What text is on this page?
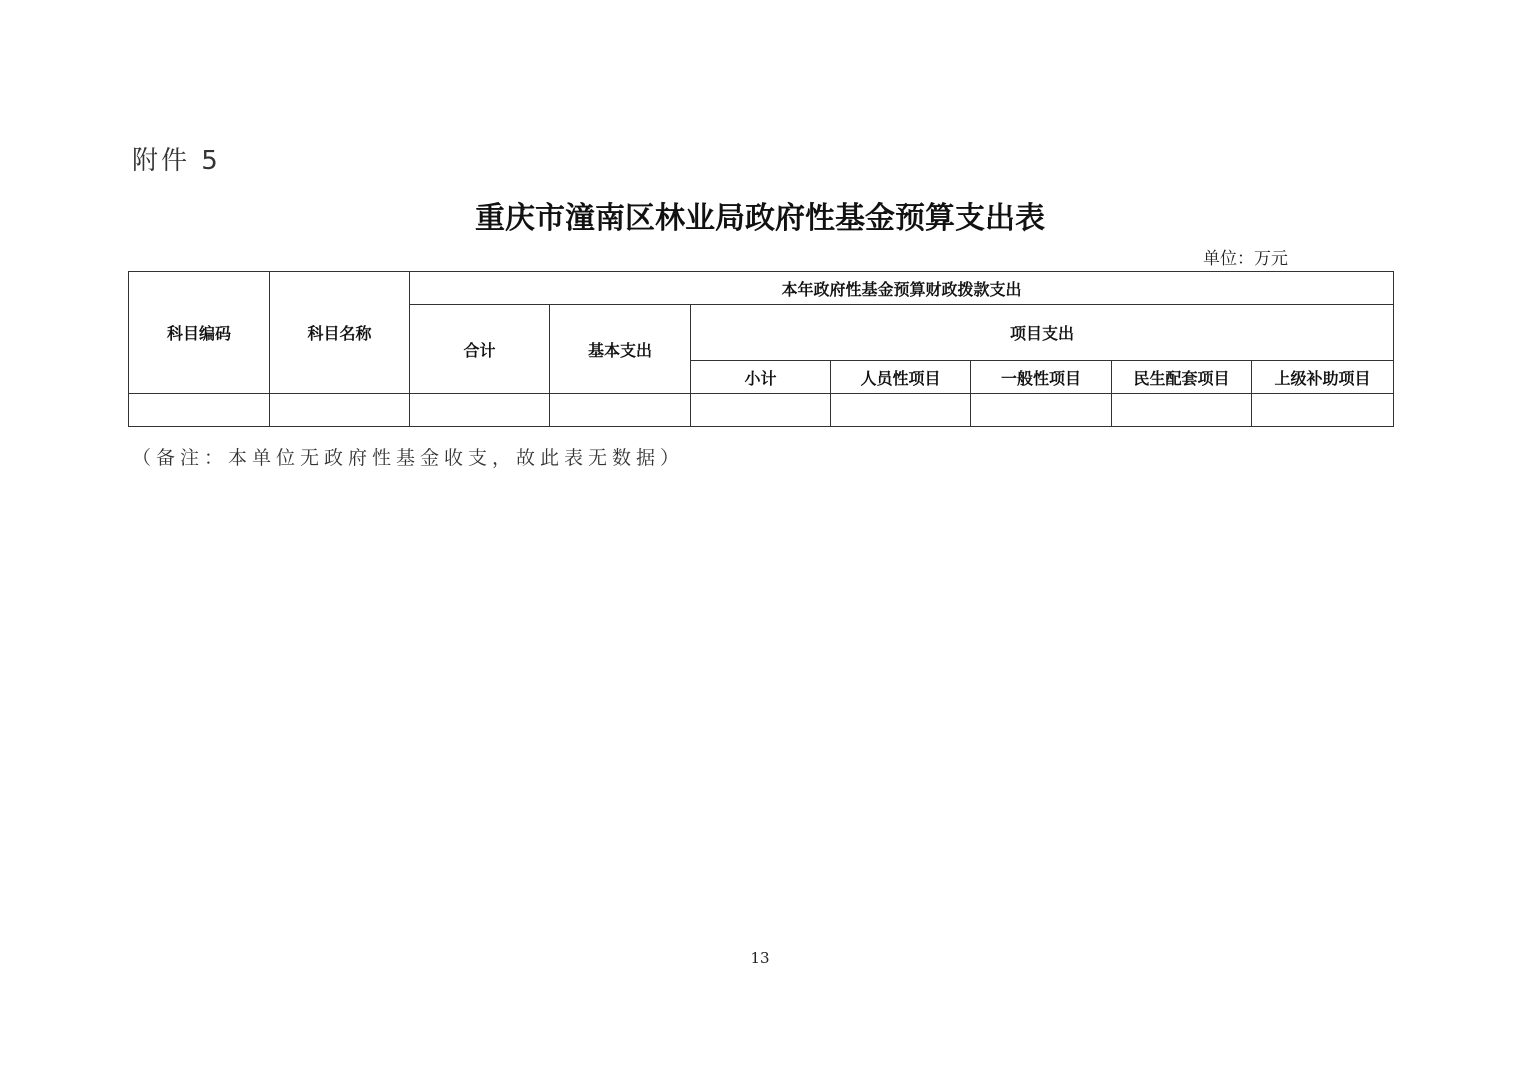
附件 5
重庆市潼南区林业局政府性基金预算支出表
单位：万元
科目编码	科目名称	本年政府性基金预算财政拨款支出						
		合计	基本支出	项目支出				
				小计	人员性项目	一般性项目	民生配套项目	上级补助项目

（备注：本单位无政府性基金收支，故此表无数据）
13
